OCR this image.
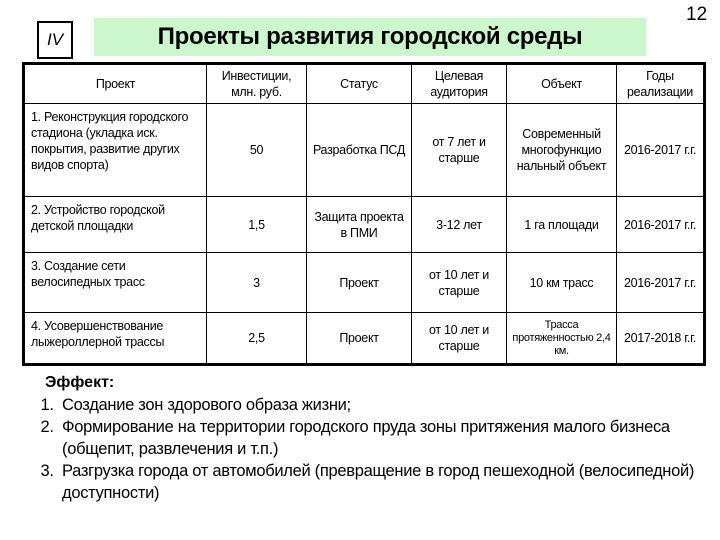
12
IV	Проекты развития городской среды
Проект	Инвестиции, млн. руб.	Статус	Целевая аудитория	Объект	Годы реализации
1. Реконструкция городского стадиона (укладка иск. покрытия, развитие других видов спорта)	50	Разработка ПСД	от 7 лет и старше	Современный многофункцио нальный объект	2016-2017 г.г.
2. Устройство городской детской площадки	1,5	Защита проекта в ПМИ	3-12 лет	1 га площади	2016-2017 г.г.
3. Создание сети велосипедных трасс	3	Проект	от 10 лет и старше	10 км трасс	2016-2017 г.г.
4. Усовершенствование лыжероллерной трассы	2,5	Проект	от 10 лет и старше	Трасса протяженностью 2,4 км.	2017-2018 г.г.
Эффект:
1. Создание зон здорового образа жизни;
2. Формирование на территории городского пруда зоны притяжения малого бизнеса (общепит, развлечения и т.п.)
3. Разгрузка города от автомобилей (превращение в город пешеходной (велосипедной) доступности)
